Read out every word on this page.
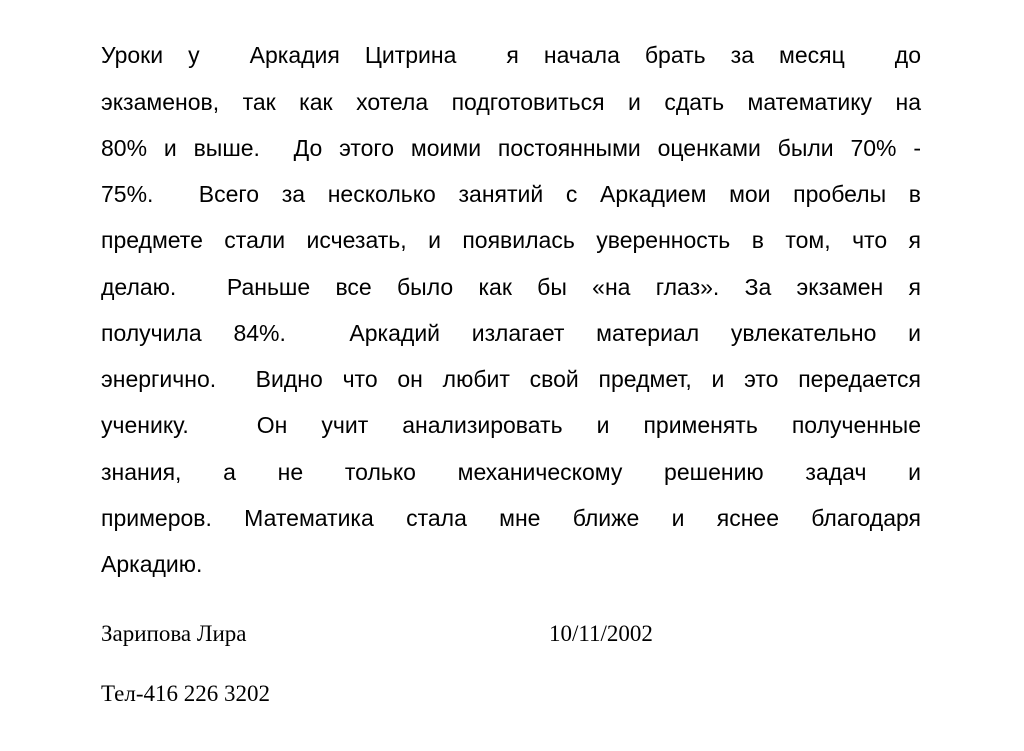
Уроки у  Аркадия Цитрина  я начала брать за месяц  до
экзаменов, так как хотела подготовиться и сдать математику на
80% и выше.  До этого моими постоянными оценками были 70% -
75%.  Всего за несколько занятий с Аркадием мои пробелы в
предмете стали исчезать, и появилась уверенность в том, что я
делаю.  Раньше все было как бы «на глаз». За экзамен я
получила 84%.  Аркадий излагает материал увлекательно и
энергично.  Видно что он любит свой предмет, и это передается
ученику.  Он учит анализировать и применять полученные
знания, а не только механическому решению задач и
примеров. Математика стала мне ближе и яснее благодаря
Аркадию.
Зарипова Лира	10/11/2002
Тел-416 226 3202
